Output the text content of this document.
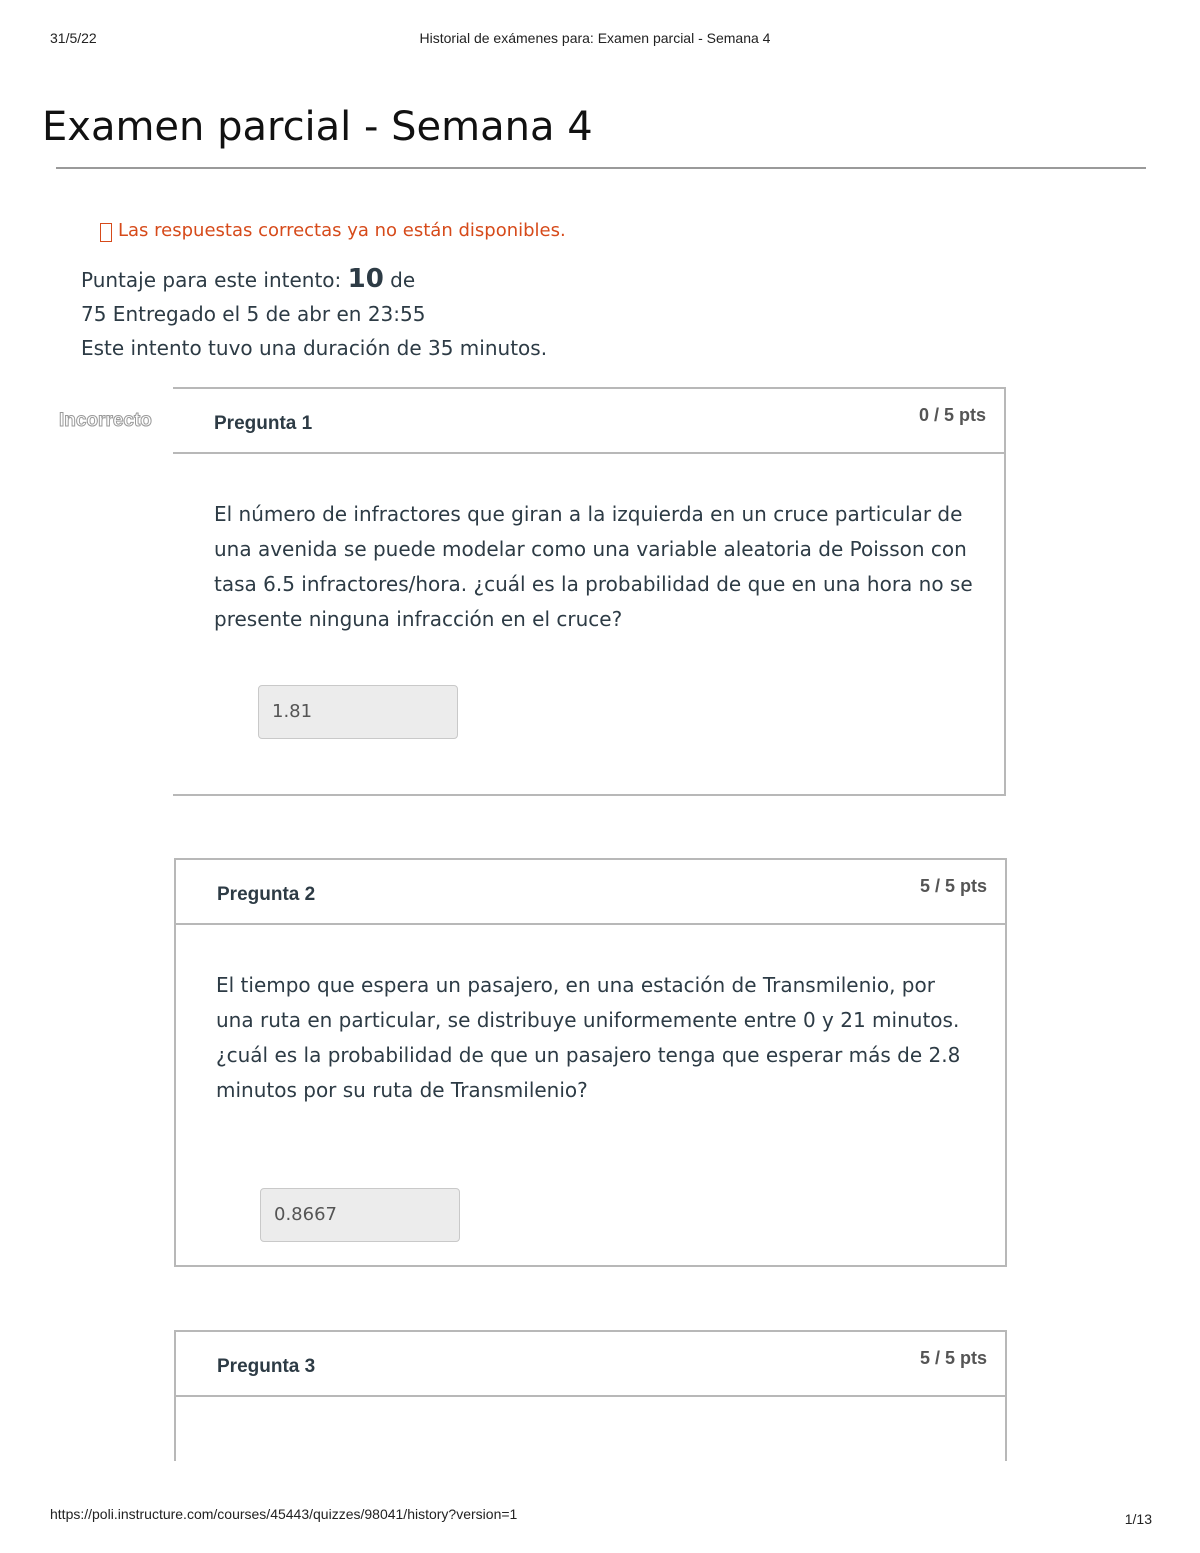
31/5/22	Historial de exámenes para: Examen parcial - Semana 4
Examen parcial - Semana 4
Las respuestas correctas ya no están disponibles.
Puntaje para este intento: 10 de
75 Entregado el 5 de abr en 23:55
Este intento tuvo una duración de 35 minutos.
Incorrecto	Pregunta 1	0 / 5 pts
El número de infractores que giran a la izquierda en un cruce particular de una avenida se puede modelar como una variable aleatoria de Poisson con tasa 6.5 infractores/hora. ¿cuál es la probabilidad de que en una hora no se presente ninguna infracción en el cruce?
1.81
Pregunta 2	5 / 5 pts
El tiempo que espera un pasajero, en una estación de Transmilenio, por una ruta en particular, se distribuye uniformemente entre 0 y 21 minutos.
¿cuál es la probabilidad de que un pasajero tenga que esperar más de 2.8 minutos por su ruta de Transmilenio?
0.8667
Pregunta 3	5 / 5 pts
https://poli.instructure.com/courses/45443/quizzes/98041/history?version=1	1/13
